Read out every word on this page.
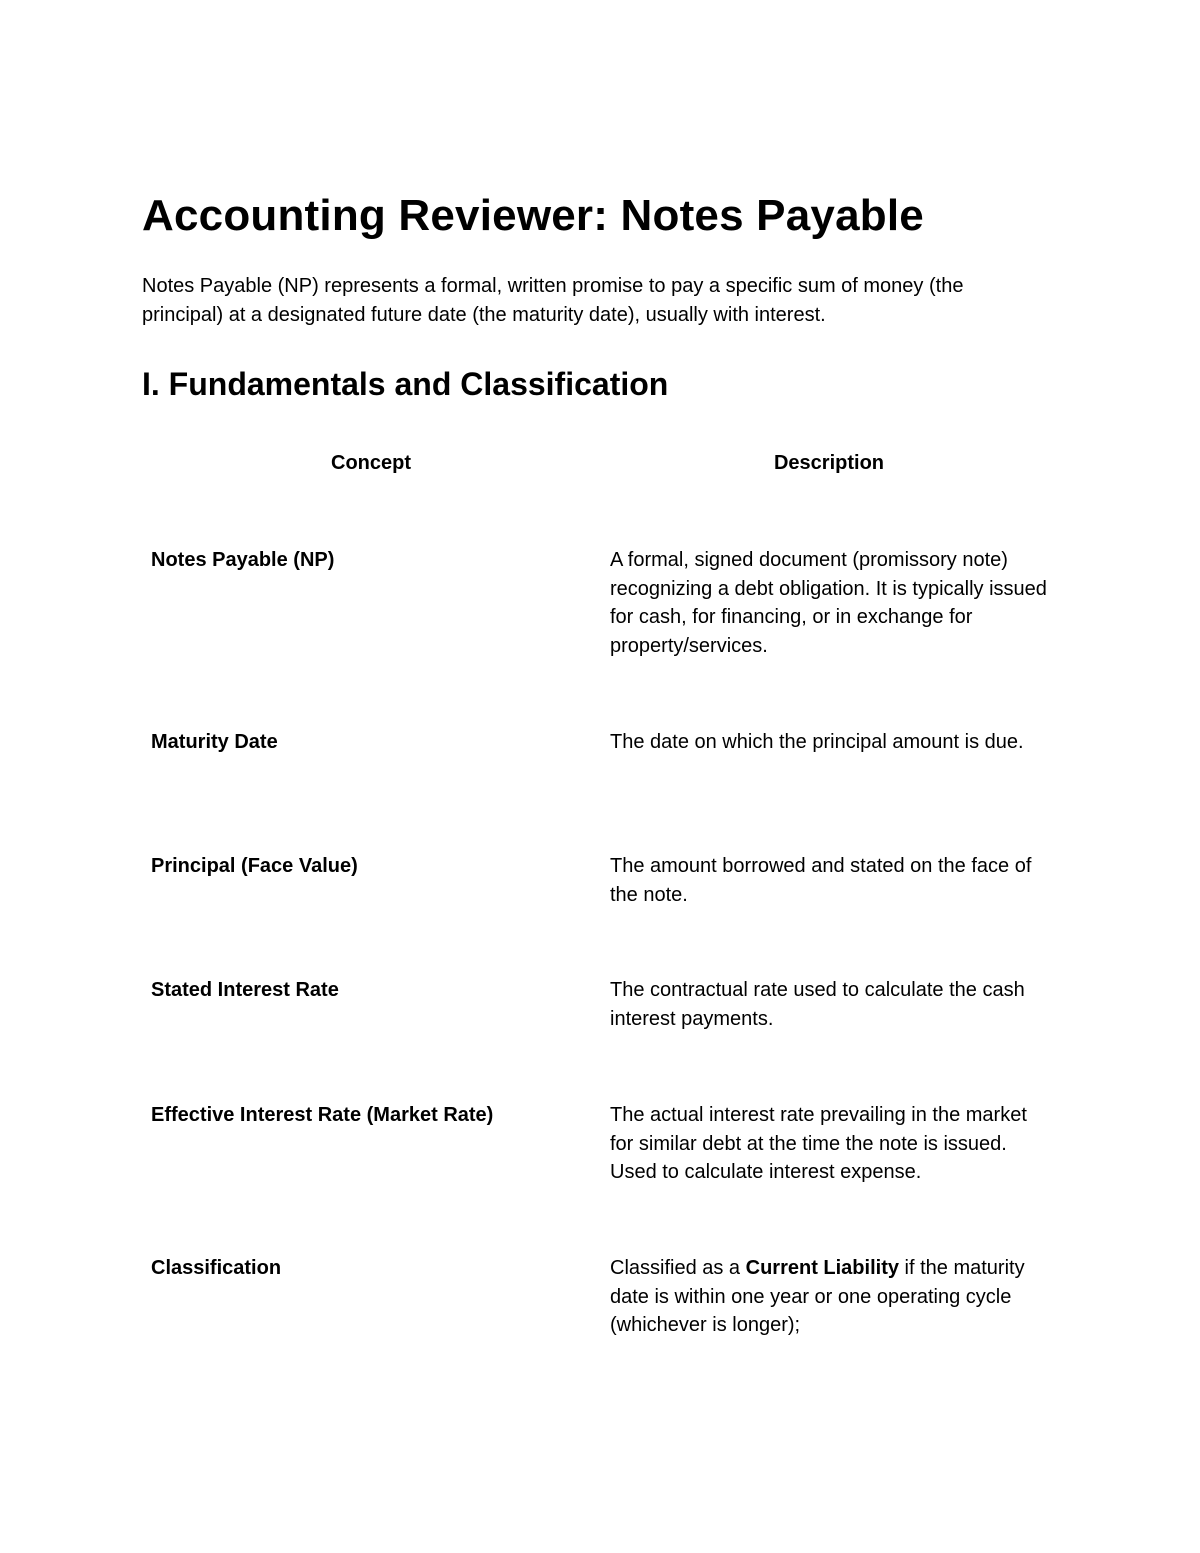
Accounting Reviewer: Notes Payable

Notes Payable (NP) represents a formal, written promise to pay a specific sum of money (the principal) at a designated future date (the maturity date), usually with interest.

I. Fundamentals and Classification
Concept	Description
Notes Payable (NP)	A formal, signed document (promissory note) recognizing a debt obligation. It is typically issued for cash, for financing, or in exchange for property/services.
Maturity Date	The date on which the principal amount is due.
Principal (Face Value)	The amount borrowed and stated on the face of the note.
Stated Interest Rate	The contractual rate used to calculate the cash interest payments.
Effective Interest Rate (Market Rate)	The actual interest rate prevailing in the market for similar debt at the time the note is issued. Used to calculate interest expense.
Classification	Classified as a Current Liability if the maturity date is within one year or one operating cycle (whichever is longer);
